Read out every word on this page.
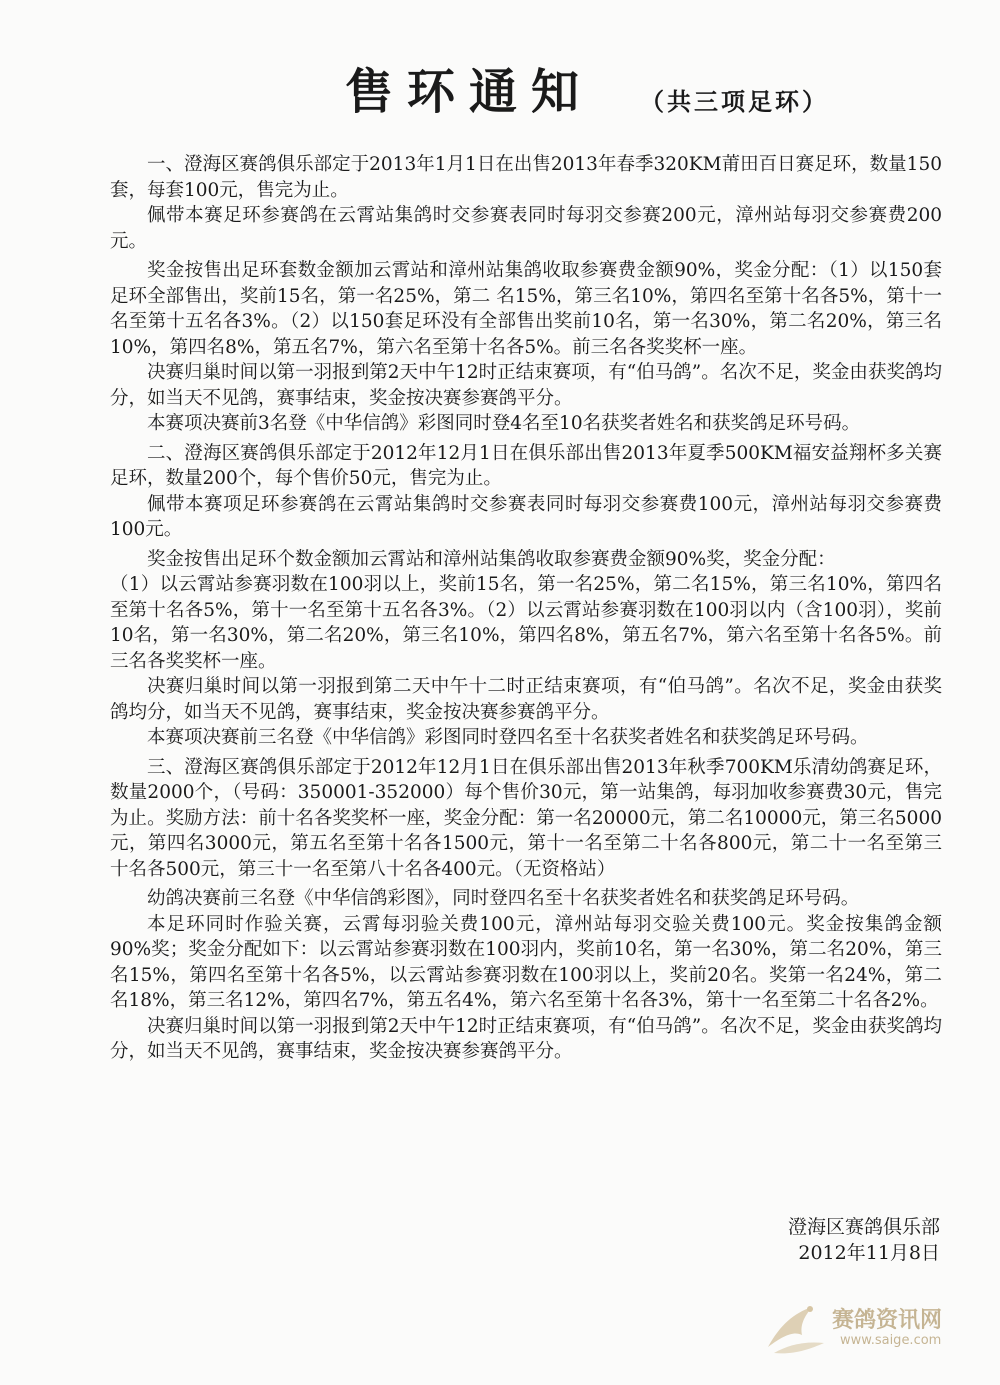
售环通知 （共三项足环）

一、澄海区赛鸽俱乐部定于2013年1月1日在出售2013年春季320KM莆田百日赛足环，数量150套，每套100元，售完为止。

佩带本赛足环参赛鸽在云霄站集鸽时交参赛表同时每羽交参赛200元，漳州站每羽交参赛费200元。

奖金按售出足环套数金额加云霄站和漳州站集鸽收取参赛费金额90%，奖金分配：（1）以150套足环全部售出，奖前15名，第一名25%，第二 名15%，第三名10%，第四名至第十名各5%，第十一名至第十五名各3%。（2）以150套足环没有全部售出奖前10名，第一名30%，第二名20%，第三名10%，第四名8%，第五名7%，第六名至第十名各5%。前三名各奖奖杯一座。

决赛归巢时间以第一羽报到第2天中午12时正结束赛项，有“伯马鸽”。名次不足，奖金由获奖鸽均分，如当天不见鸽，赛事结束，奖金按决赛参赛鸽平分。

本赛项决赛前3名登《中华信鸽》彩图同时登4名至10名获奖者姓名和获奖鸽足环号码。

二、澄海区赛鸽俱乐部定于2012年12月1日在俱乐部出售2013年夏季500KM福安益翔杯多关赛足环，数量200个，每个售价50元，售完为止。

佩带本赛项足环参赛鸽在云霄站集鸽时交参赛表同时每羽交参赛费100元，漳州站每羽交参赛费100元。

奖金按售出足环个数金额加云霄站和漳州站集鸽收取参赛费金额90%奖，奖金分配：

（1）以云霄站参赛羽数在100羽以上，奖前15名，第一名25%，第二名15%，第三名10%，第四名至第十名各5%，第十一名至第十五名各3%。（2）以云霄站参赛羽数在100羽以内（含100羽），奖前10名，第一名30%，第二名20%，第三名10%，第四名8%，第五名7%，第六名至第十名各5%。前三名各奖奖杯一座。

决赛归巢时间以第一羽报到第二天中午十二时正结束赛项，有“伯马鸽”。名次不足，奖金由获奖鸽均分，如当天不见鸽，赛事结束，奖金按决赛参赛鸽平分。

本赛项决赛前三名登《中华信鸽》彩图同时登四名至十名获奖者姓名和获奖鸽足环号码。

三、澄海区赛鸽俱乐部定于2012年12月1日在俱乐部出售2013年秋季700KM乐清幼鸽赛足环，数量2000个，（号码：350001-352000）每个售价30元，第一站集鸽，每羽加收参赛费30元，售完为止。奖励方法：前十名各奖奖杯一座，奖金分配：第一名20000元，第二名10000元，第三名5000元，第四名3000元，第五名至第十名各1500元，第十一名至第二十名各800元，第二十一名至第三十名各500元，第三十一名至第八十名各400元。（无资格站）

幼鸽决赛前三名登《中华信鸽彩图》，同时登四名至十名获奖者姓名和获奖鸽足环号码。

本足环同时作验关赛，云霄每羽验关费100元，漳州站每羽交验关费100元。奖金按集鸽金额90%奖；奖金分配如下：以云霄站参赛羽数在100羽内，奖前10名，第一名30%，第二名20%，第三名15%，第四名至第十名各5%，以云霄站参赛羽数在100羽以上，奖前20名。奖第一名24%，第二名18%，第三名12%，第四名7%，第五名4%，第六名至第十名各3%，第十一名至第二十名各2%。

决赛归巢时间以第一羽报到第2天中午12时正结束赛项，有“伯马鸽”。名次不足，奖金由获奖鸽均分，如当天不见鸽，赛事结束，奖金按决赛参赛鸽平分。

澄海区赛鸽俱乐部
2012年11月8日
赛鸽资讯网
www.saige.com
